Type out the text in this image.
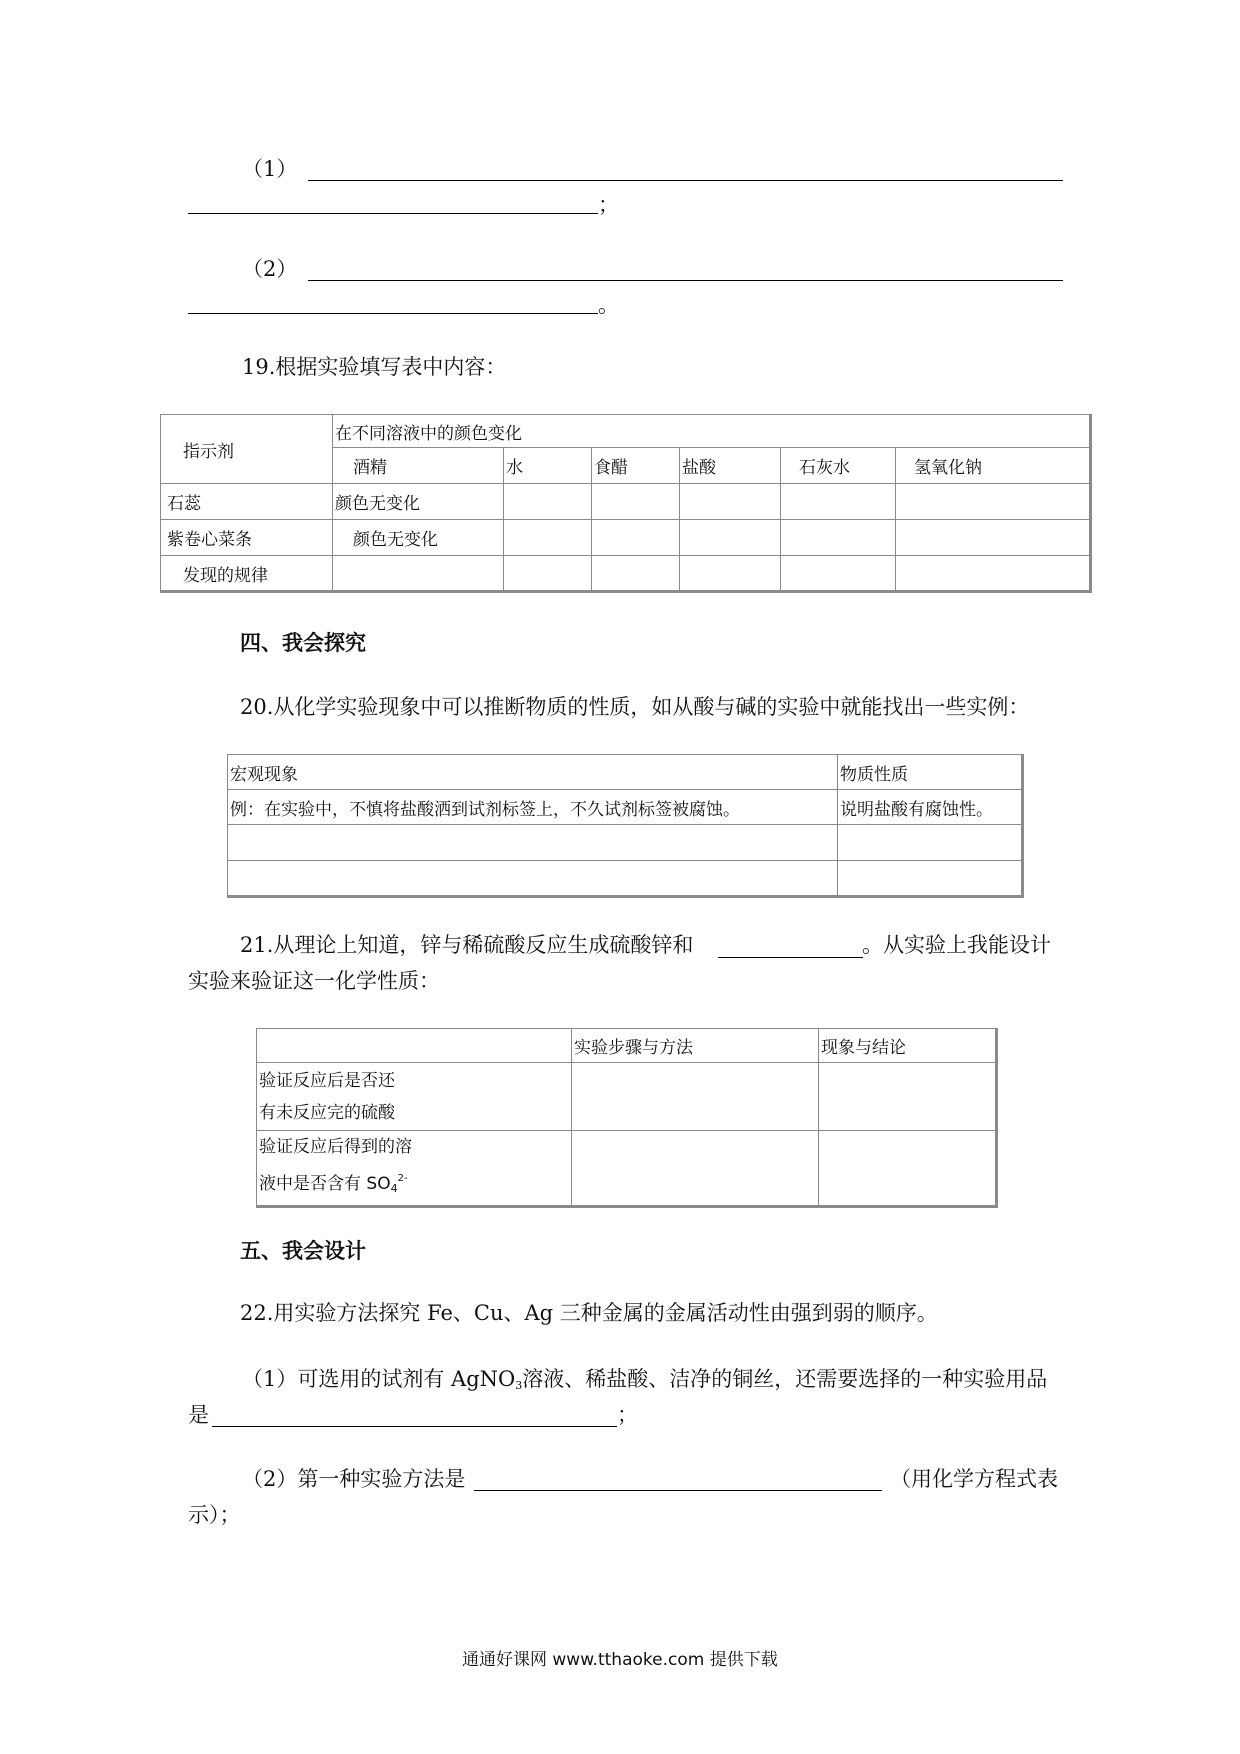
（1）
；
（2）
。
19.根据实验填写表中内容：
指示剂	在不同溶液中的颜色变化					
	酒精	水	食醋	盐酸	石灰水	氢氧化钠
石蕊	颜色无变化					
紫卷心菜条	颜色无变化					
发现的规律						
四、我会探究
20.从化学实验现象中可以推断物质的性质，如从酸与碱的实验中就能找出一些实例：
宏观现象	物质性质
例：在实验中，不慎将盐酸洒到试剂标签上，不久试剂标签被腐蚀。	说明盐酸有腐蚀性。

21.从理论上知道，锌与稀硫酸反应生成硫酸锌和	。从实验上我能设计
实验来验证这一化学性质：
	实验步骤与方法	现象与结论

验证反应后是否还
有未反应完的硫酸		

验证反应后得到的溶
液中是否含有 $SO_4^{2-}$

五、我会设计
22.用实验方法探究 Fe、Cu、Ag 三种金属的金属活动性由强到弱的顺序。
（1）可选用的试剂有 AgNO$_3$溶液、稀盐酸、洁净的铜丝，还需要选择的一种实验用品
是	；
（2）第一种实验方法是	（用化学方程式表
示）；
通通好课网 www.tthaoke.com 提供下载
